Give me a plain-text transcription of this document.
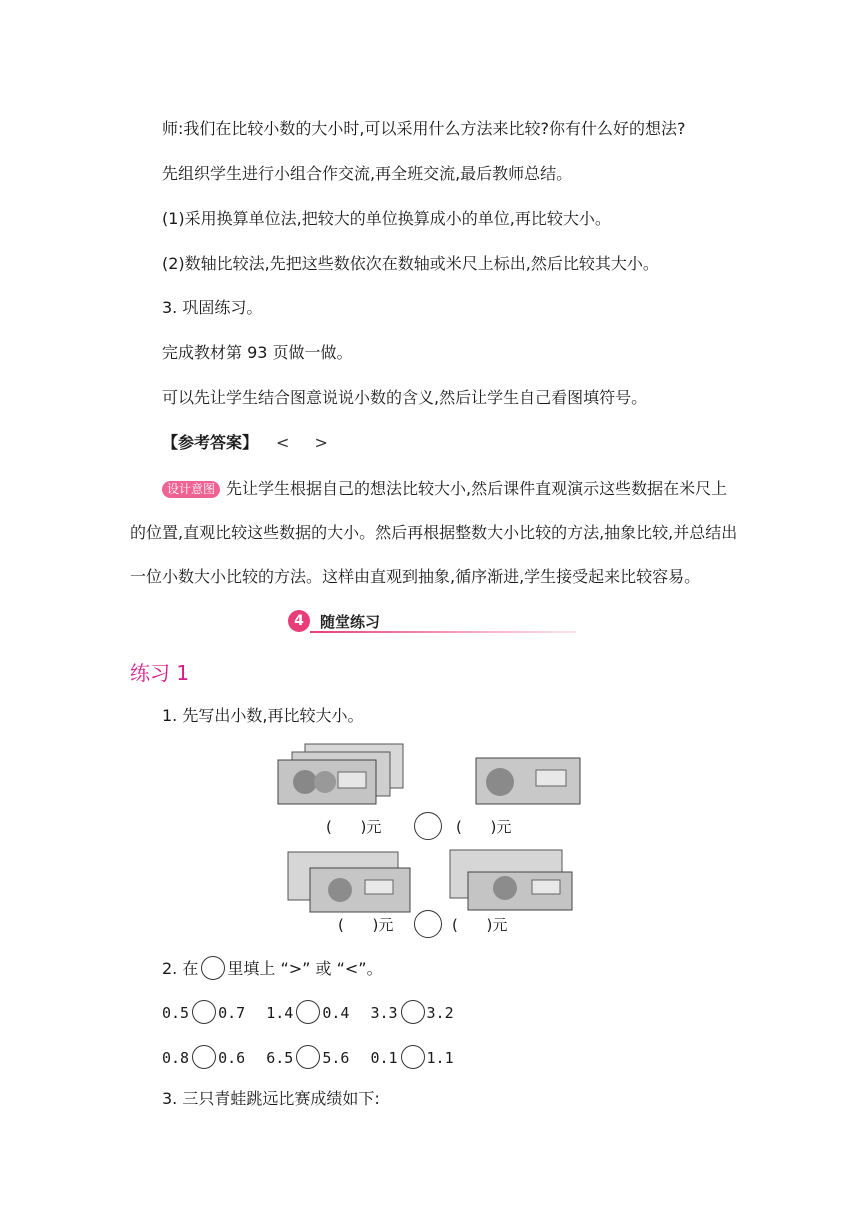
师:我们在比较小数的大小时,可以采用什么方法来比较?你有什么好的想法?
先组织学生进行小组合作交流,再全班交流,最后教师总结。
(1)采用换算单位法,把较大的单位换算成小的单位,再比较大小。
(2)数轴比较法,先把这些数依次在数轴或米尺上标出,然后比较其大小。
3. 巩固练习。
完成教材第 93 页做一做。
可以先让学生结合图意说说小数的含义,然后让学生自己看图填符号。
【参考答案】 < >
设计意图 先让学生根据自己的想法比较大小,然后课件直观演示这些数据在米尺上
的位置,直观比较这些数据的大小。然后再根据整数大小比较的方法,抽象比较,并总结出
一位小数大小比较的方法。这样由直观到抽象,循序渐进,学生接受起来比较容易。
4	随堂练习
练习 1
1. 先写出小数,再比较大小。
(      )元	(      )元
(      )元	(      )元
2. 在 里填上 “>” 或 “<”。
0.5 0.7 1.4 0.4 3.3 3.2
0.8 0.6 6.5 5.6 0.1 1.1
3. 三只青蛙跳远比赛成绩如下:
